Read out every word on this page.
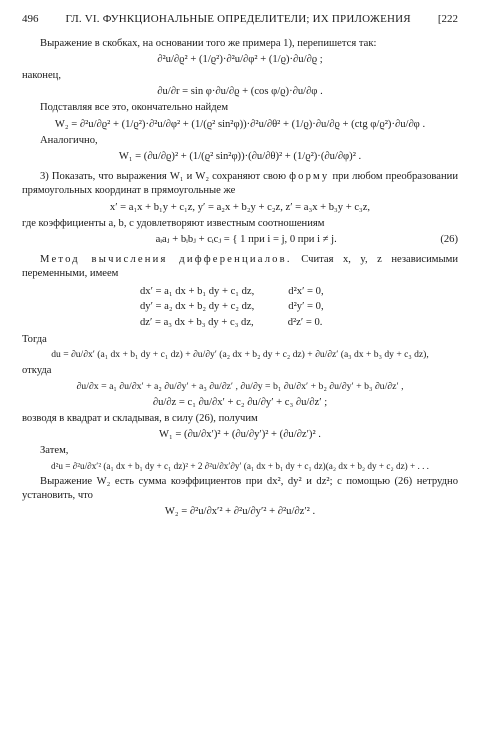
496 ГЛ. VI. ФУНКЦИОНАЛЬНЫЕ ОПРЕДЕЛИТЕЛИ; ИХ ПРИЛОЖЕНИЯ [222

Выражение в скобках, на основании того же примера 1), перепишется так:

∂²u/∂ϱ² + (1/ϱ²)·∂²u/∂φ² + (1/ϱ)·∂u/∂ϱ ;

наконец,

∂u/∂r = sin φ·∂u/∂ϱ + (cos φ/ϱ)·∂u/∂φ .

Подставляя все это, окончательно найдем

W₂ = ∂²u/∂ϱ² + (1/ϱ²)·∂²u/∂φ² + (1/(ϱ² sin²φ))·∂²u/∂θ² + (1/ϱ)·∂u/∂ϱ + (ctg φ/ϱ²)·∂u/∂φ .

Аналогично,

W₁ = (∂u/∂ϱ)² + (1/(ϱ² sin²φ))·(∂u/∂θ)² + (1/ϱ²)·(∂u/∂φ)² .

3) Показать, что выражения W₁ и W₂ сохраняют свою форму при любом преобразовании прямоугольных координат в прямоугольные же

x′ = a₁x + b₁y + c₁z, y′ = a₂x + b₂y + c₂z, z′ = a₃x + b₃y + c₃z,

где коэффициенты a, b, c удовлетворяют известным соотношениям

aᵢaⱼ + bᵢbⱼ + cᵢcⱼ = { 1 при i = j, 0 при i ≠ j.	(26)

Метод вычисления дифференциалов. Считая x, y, z независимыми переменными, имеем

dx′ = a₁ dx + b₁ dy + c₁ dz,	d²x′ = 0,
dy′ = a₂ dx + b₂ dy + c₂ dz,	d²y′ = 0,
dz′ = a₃ dx + b₃ dy + c₃ dz,	d²z′ = 0.

Тогда

du = ∂u/∂x′ (a₁ dx + b₁ dy + c₁ dz) + ∂u/∂y′ (a₂ dx + b₂ dy + c₂ dz) + ∂u/∂z′ (a₃ dx + b₃ dy + c₃ dz),

откуда

∂u/∂x = a₁ ∂u/∂x′ + a₂ ∂u/∂y′ + a₃ ∂u/∂z′ , ∂u/∂y = b₁ ∂u/∂x′ + b₂ ∂u/∂y′ + b₃ ∂u/∂z′ ,
∂u/∂z = c₁ ∂u/∂x′ + c₂ ∂u/∂y′ + c₃ ∂u/∂z′ ;

возводя в квадрат и складывая, в силу (26), получим

W₁ = (∂u/∂x′)² + (∂u/∂y′)² + (∂u/∂z′)² .

Затем,

d²u = ∂²u/∂x′² (a₁ dx + b₁ dy + c₁ dz)² + 2 ∂²u/∂x′∂y′ (a₁ dx + b₁ dy + c₁ dz)(a₂ dx + b₂ dy + c₂ dz) + . . .

Выражение W₂ есть сумма коэффициентов при dx², dy² и dz²; с помощью (26) нетрудно установить, что

W₂ = ∂²u/∂x′² + ∂²u/∂y′² + ∂²u/∂z′² .
